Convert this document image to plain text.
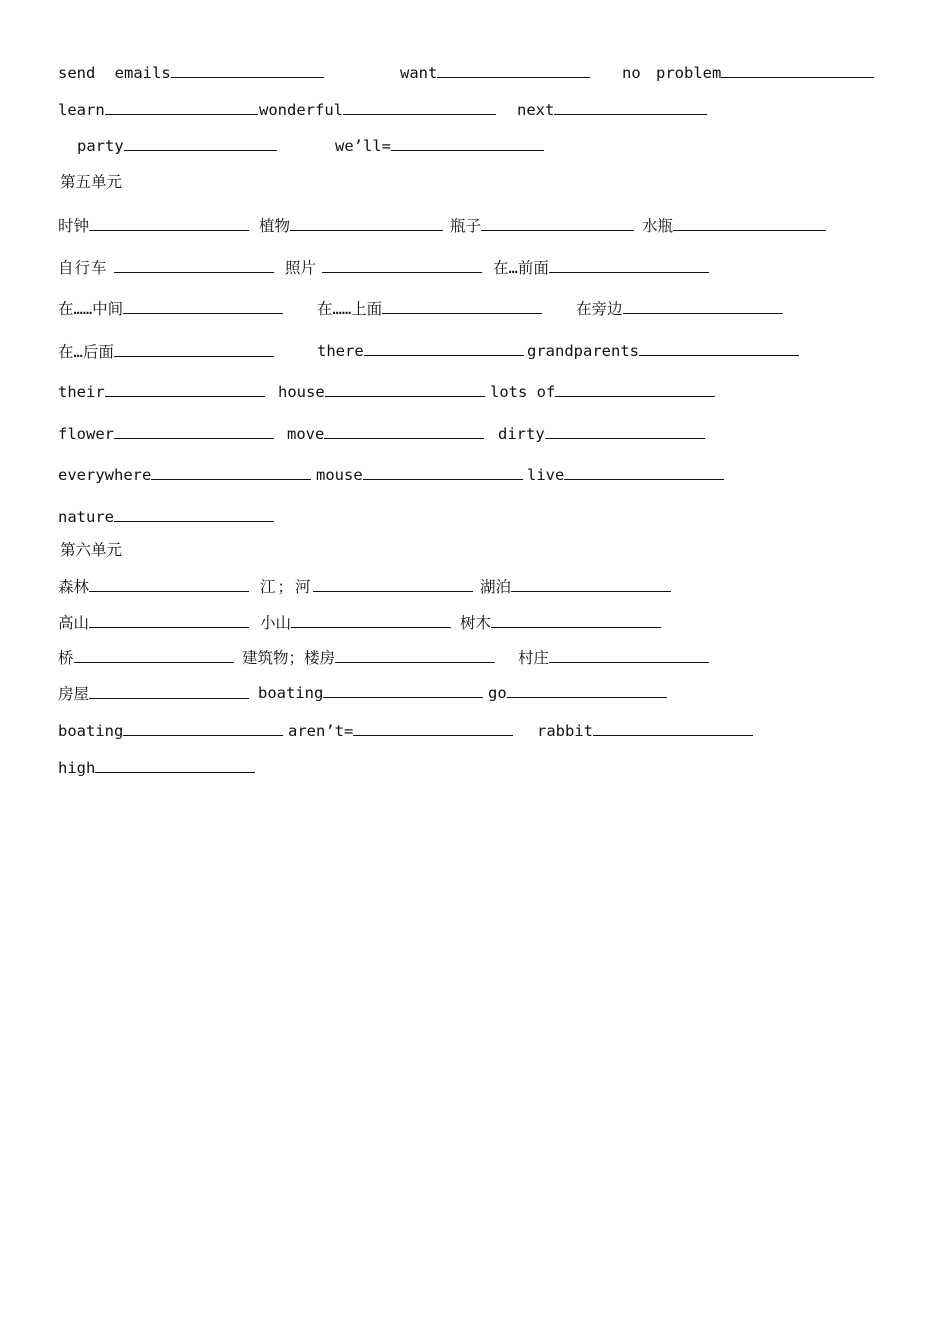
send emails	want	no problem
learn	wonderful	next
party	we’ll=
第五单元
时钟	植物	瓶子	水瓶
自行车	照片	在…前面
在……中间	在……上面	在旁边
在…后面	there	grandparents
their	house	lots of
flower	move	dirty
everywhere	mouse	live
nature
第六单元
森林	江；河	湖泊
高山	小山	树木
桥	建筑物；楼房	村庄
房屋	boating	go
boating	aren’t=	rabbit
high
